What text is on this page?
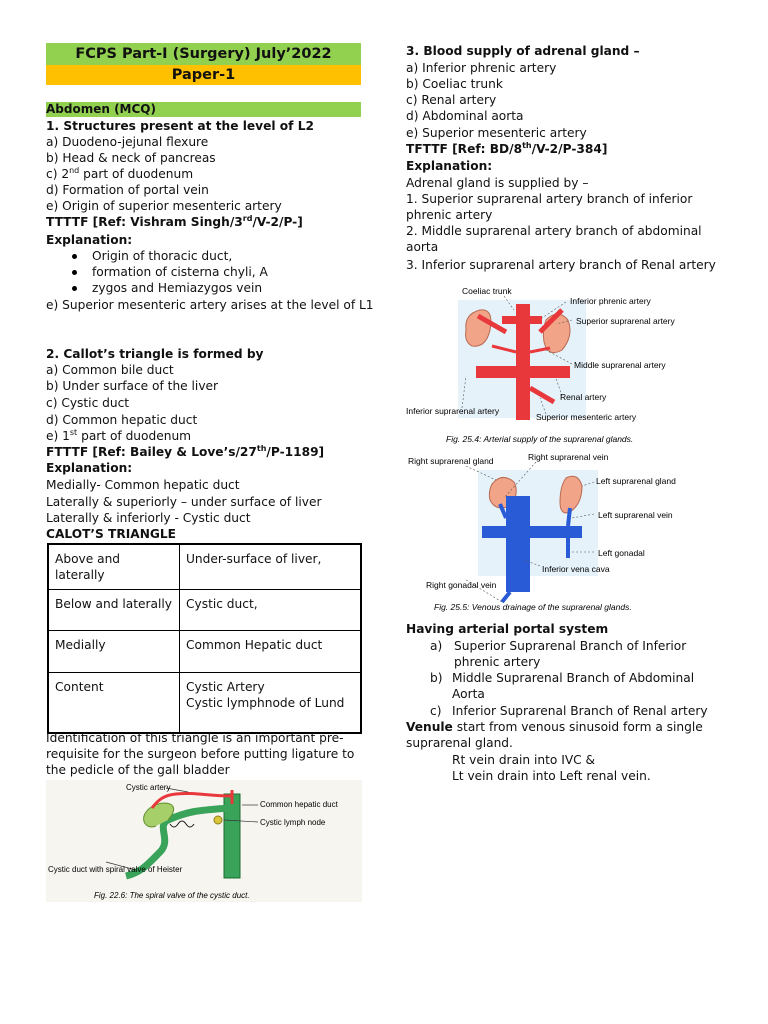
FCPS Part-I (Surgery) July’2022
Paper-1
Abdomen (MCQ)
1. Structures present at the level of L2
a) Duodeno-jejunal flexure
b) Head & neck of pancreas
c) 2nd part of duodenum
d) Formation of portal vein
e) Origin of superior mesenteric artery
TTTTF [Ref: Vishram Singh/3rd/V-2/P-]
Explanation:
Origin of thoracic duct,
formation of cisterna chyli, A
zygos and Hemiazygos vein
e) Superior mesenteric artery arises at the level of L1
2. Callot’s triangle is formed by
a) Common bile duct
b) Under surface of the liver
c) Cystic duct
d) Common hepatic duct
e) 1st part of duodenum
FTTTF [Ref: Bailey & Love’s/27th/P-1189]
Explanation:
Medially- Common hepatic duct
Laterally & superiorly – under surface of liver
Laterally & inferiorly - Cystic duct
CALOT’S TRIANGLE
Above and laterally	Under-surface of liver,
Below and laterally	Cystic duct,
Medially	Common Hepatic duct
Content	Cystic Artery
Cystic lymphnode of Lund
Identification of this triangle is an important pre-requisite for the surgeon before putting ligature to the pedicle of the gall bladder
Cystic artery
Common hepatic duct
Cystic lymph node
Cystic duct with spiral valve of Heister
Fig. 22.6: The spiral valve of the cystic duct.
3. Blood supply of adrenal gland –
a) Inferior phrenic artery
b) Coeliac trunk
c) Renal artery
d) Abdominal aorta
e) Superior mesenteric artery
TFTTF [Ref: BD/8th/V-2/P-384]
Explanation:
Adrenal gland is supplied by –
1. Superior suprarenal artery branch of inferior phrenic artery
2. Middle suprarenal artery branch of abdominal aorta
3. Inferior suprarenal artery branch of Renal artery
Coeliac trunk
Inferior phrenic artery
Superior suprarenal artery
Middle suprarenal artery
Renal artery
Inferior suprarenal artery
Superior mesenteric artery
Fig. 25.4: Arterial supply of the suprarenal glands.
Right suprarenal gland	Right suprarenal vein
Left suprarenal gland
Left suprarenal vein
Left gonadal
Inferior vena cava
Right gonadal vein
Fig. 25.5: Venous drainage of the suprarenal glands.
Having arterial portal system
a) Superior Suprarenal Branch of Inferior phrenic artery
b) Middle Suprarenal Branch of Abdominal Aorta
c) Inferior Suprarenal Branch of Renal artery
Venule start from venous sinusoid form a single suprarenal gland.
Rt vein drain into IVC &
Lt vein drain into Left renal vein.
